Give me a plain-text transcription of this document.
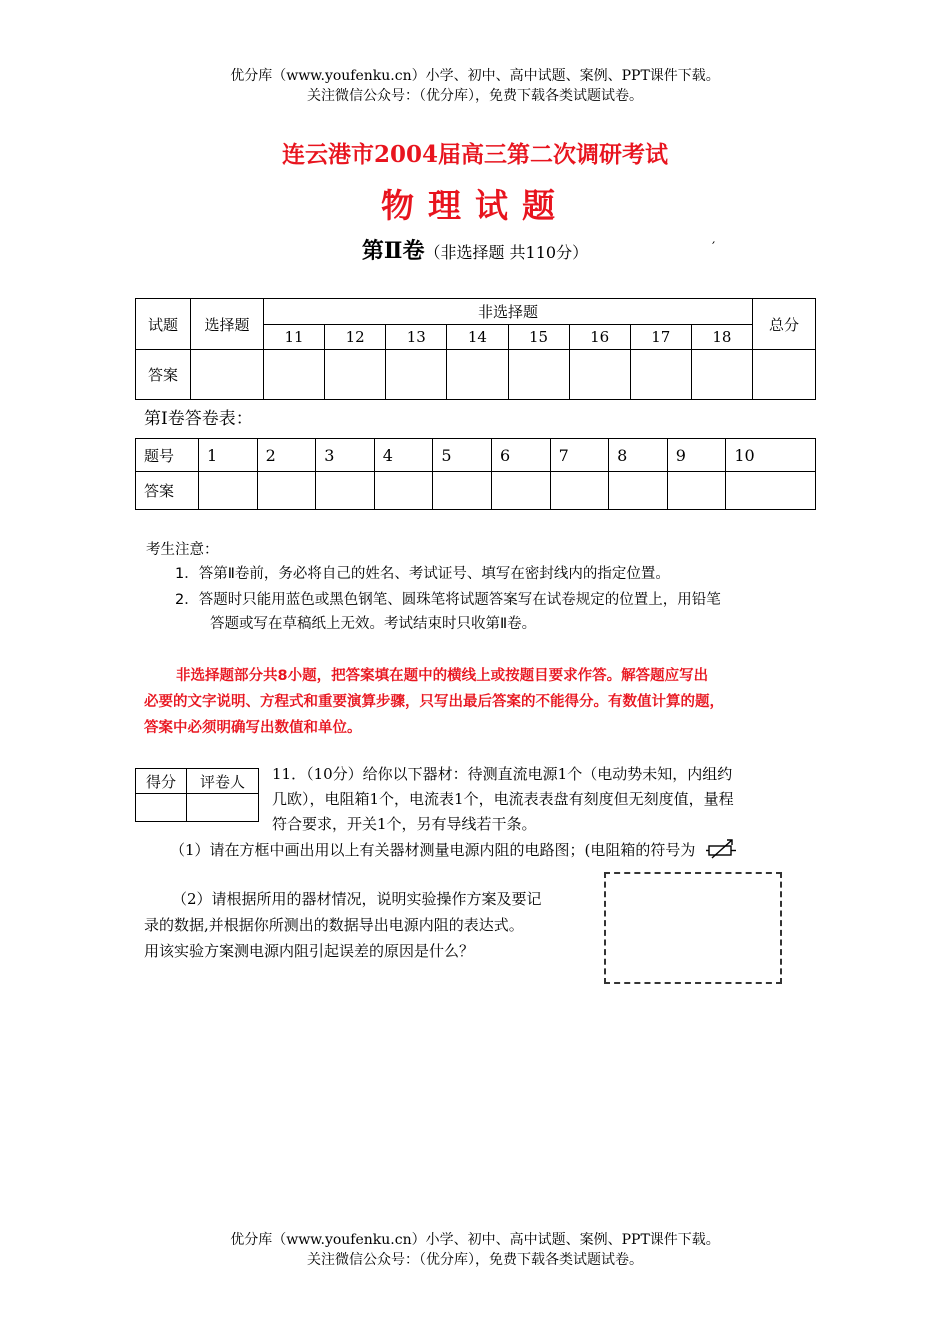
优分库（www.youfenku.cn）小学、初中、高中试题、案例、PPT课件下载。
关注微信公众号：（优分库），免费下载各类试题试卷。
连云港市2004届高三第二次调研考试
物理试题
第Ⅱ卷（非选择题 共110分）	′
试题	选择题	非选择题								总分
		11	12	13	14	15	16	17	18	
答案										
第Ⅰ卷答卷表：
题号	1	2	3	4	5	6	7	8	9	10
答案										
考生注意：
1．答第Ⅱ卷前，务必将自己的姓名、考试证号、填写在密封线内的指定位置。
2．答题时只能用蓝色或黑色钢笔、圆珠笔将试题答案写在试卷规定的位置上，用铅笔
答题或写在草稿纸上无效。考试结束时只收第Ⅱ卷。

非选择题部分共8小题，把答案填在题中的横线上或按题目要求作答。解答题应写出

必要的文字说明、方程式和重要演算步骤，只写出最后答案的不能得分。有数值计算的题，

答案中必须明确写出数值和单位。

得分	评卷人
	11．（10分）给你以下器材：待测直流电源1个（电动势未知，内组约

几欧），电阻箱1个，电流表1个，电流表表盘有刻度但无刻度值，量程

符合要求，开关1个，另有导线若干条。

（1）请在方框中画出用以上有关器材测量电源内阻的电路图；(电阻箱的符号为

（2）请根据所用的器材情况，说明实验操作方案及要记

录的数据,并根据你所测出的数据导出电源内阻的表达式。

用该实验方案测电源内阻引起误差的原因是什么？

优分库（www.youfenku.cn）小学、初中、高中试题、案例、PPT课件下载。
关注微信公众号：（优分库），免费下载各类试题试卷。
